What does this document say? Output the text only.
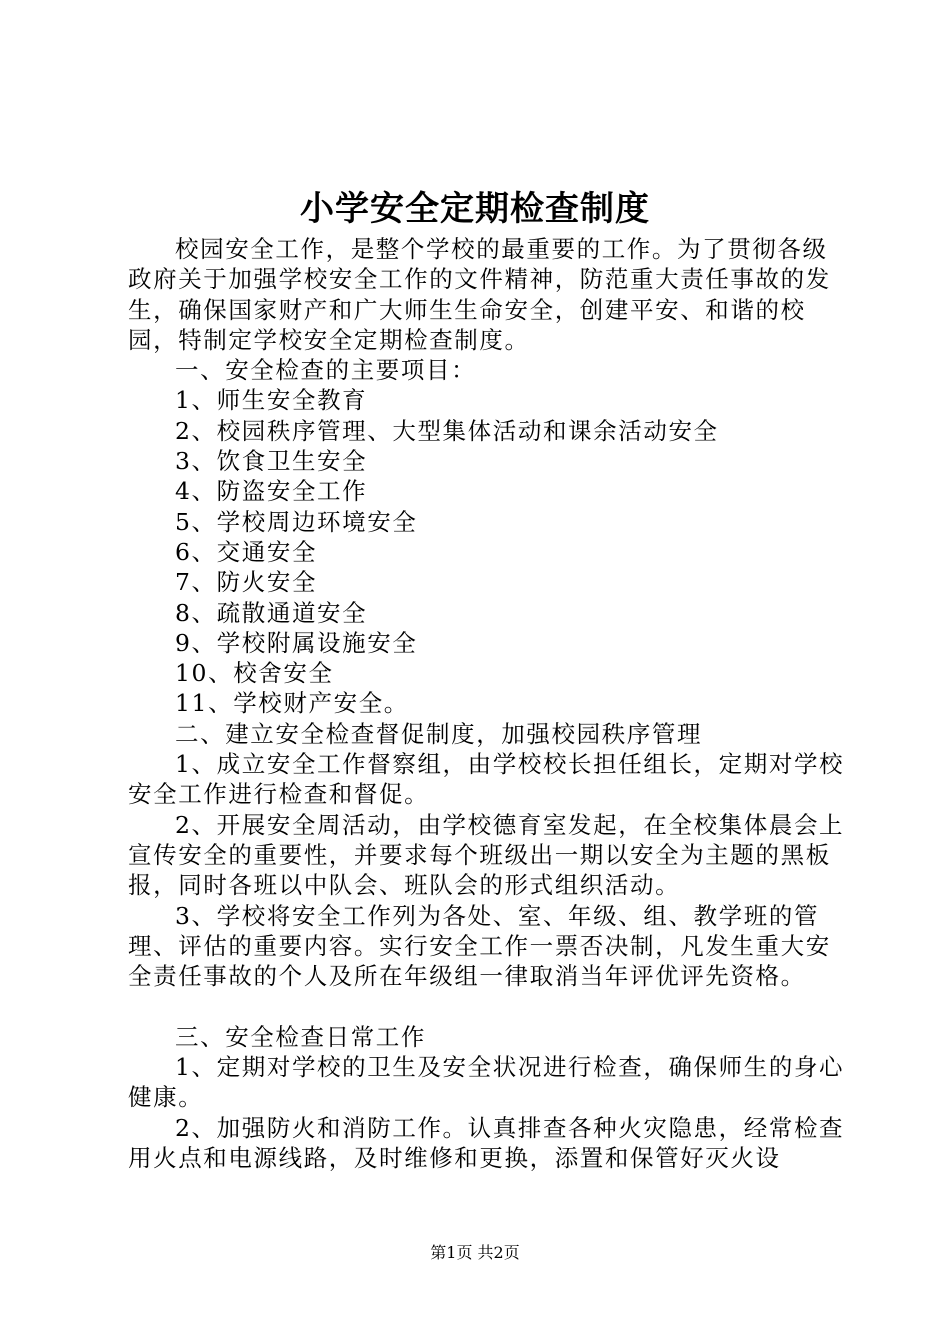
小学安全定期检查制度

校园安全工作，是整个学校的最重要的工作。为了贯彻各级政府关于加强学校安全工作的文件精神，防范重大责任事故的发生，确保国家财产和广大师生生命安全，创建平安、和谐的校园，特制定学校安全定期检查制度。

一、安全检查的主要项目：

1、师生安全教育

2、校园秩序管理、大型集体活动和课余活动安全

3、饮食卫生安全

4、防盗安全工作

5、学校周边环境安全

6、交通安全

7、防火安全

8、疏散通道安全

9、学校附属设施安全

10、校舍安全

11、学校财产安全。

二、建立安全检查督促制度，加强校园秩序管理

1、成立安全工作督察组，由学校校长担任组长，定期对学校安全工作进行检查和督促。

2、开展安全周活动，由学校德育室发起，在全校集体晨会上宣传安全的重要性，并要求每个班级出一期以安全为主题的黑板报，同时各班以中队会、班队会的形式组织活动。

3、学校将安全工作列为各处、室、年级、组、教学班的管理、评估的重要内容。实行安全工作一票否决制，凡发生重大安全责任事故的个人及所在年级组一律取消当年评优评先资格。

三、安全检查日常工作

1、定期对学校的卫生及安全状况进行检查，确保师生的身心健康。

2、加强防火和消防工作。认真排查各种火灾隐患，经常检查用火点和电源线路，及时维修和更换，添置和保管好灭火设

第1页 共2页
